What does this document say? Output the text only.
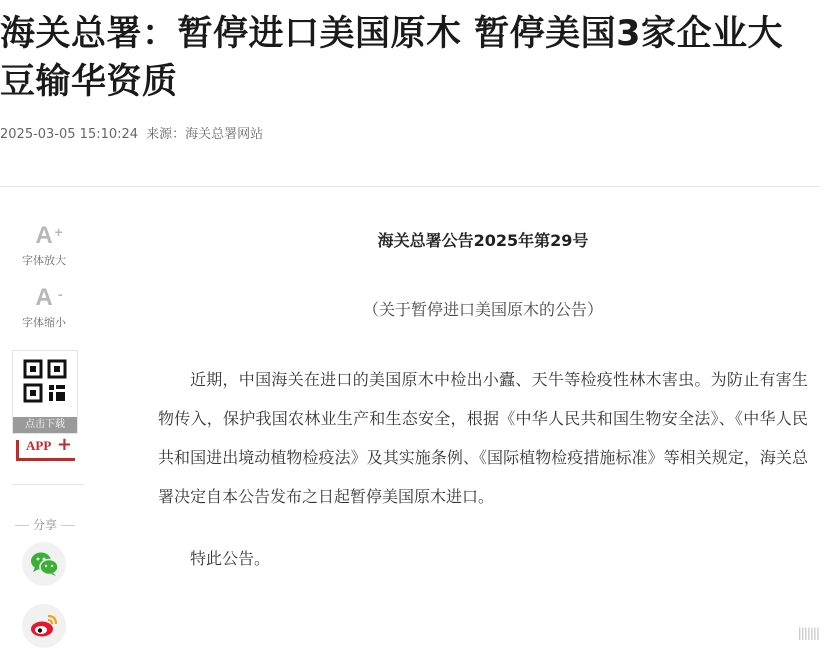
海关总署：暂停进口美国原木 暂停美国3家企业大豆输华资质
2025-03-05 15:10:24 来源：海关总署网站
A +
字体放大
A -
字体缩小
点击下载
APP +
分享
海关总署公告2025年第29号
（关于暂停进口美国原木的公告）
近期，中国海关在进口的美国原木中检出小蠹、天牛等检疫性林木害虫。为防止有害生物传入，保护我国农林业生产和生态安全，根据《中华人民共和国生物安全法》、《中华人民共和国进出境动植物检疫法》及其实施条例、《国际植物检疫措施标准》等相关规定，海关总署决定自本公告发布之日起暂停美国原木进口。
特此公告。
|||||||
